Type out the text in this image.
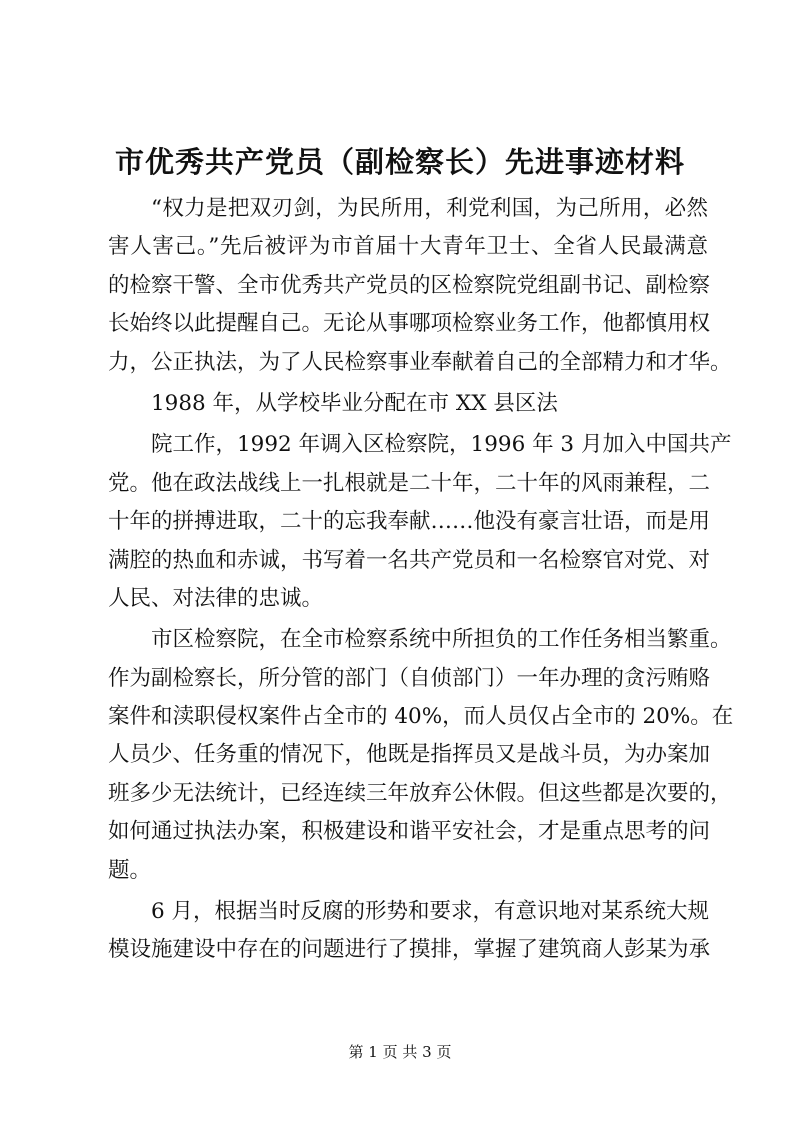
市优秀共产党员（副检察长）先进事迹材料
“权力是把双刃剑，为民所用，利党利国，为己所用，必然
害人害己。”先后被评为市首届十大青年卫士、全省人民最满意
的检察干警、全市优秀共产党员的区检察院党组副书记、副检察
长始终以此提醒自己。无论从事哪项检察业务工作，他都慎用权
力，公正执法，为了人民检察事业奉献着自己的全部精力和才华。
1988 年，从学校毕业分配在市 XX 县区法
院工作，1992 年调入区检察院，1996 年 3 月加入中国共产
党。他在政法战线上一扎根就是二十年，二十年的风雨兼程，二
十年的拼搏进取，二十的忘我奉献……他没有豪言壮语，而是用
满腔的热血和赤诚，书写着一名共产党员和一名检察官对党、对
人民、对法律的忠诚。
市区检察院，在全市检察系统中所担负的工作任务相当繁重。
作为副检察长，所分管的部门（自侦部门）一年办理的贪污贿赂
案件和渎职侵权案件占全市的 40%，而人员仅占全市的 20%。在
人员少、任务重的情况下，他既是指挥员又是战斗员，为办案加
班多少无法统计，已经连续三年放弃公休假。但这些都是次要的，
如何通过执法办案，积极建设和谐平安社会，才是重点思考的问
题。
6 月，根据当时反腐的形势和要求，有意识地对某系统大规
模设施建设中存在的问题进行了摸排，掌握了建筑商人彭某为承
第 1 页 共 3 页
